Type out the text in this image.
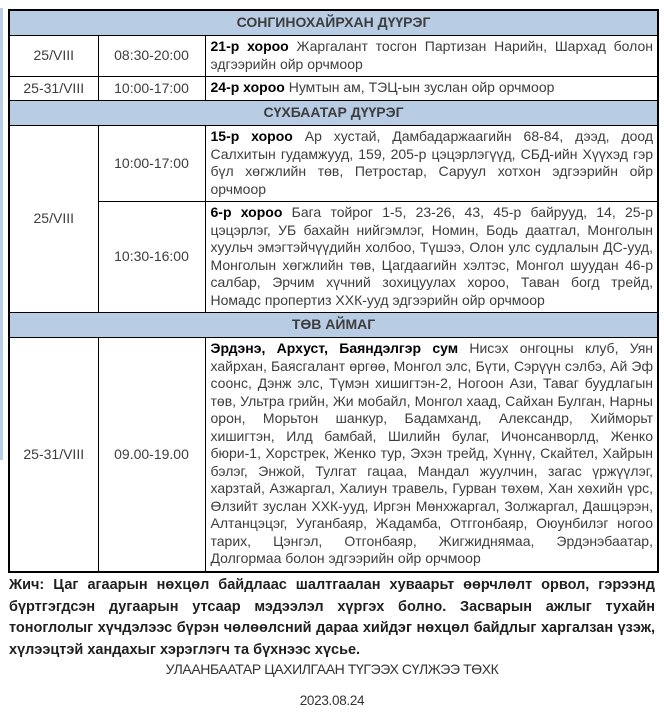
СОНГИНОХАЙРХАН ДҮҮРЭГ		
25/VIII	08:30-20:00	21-р хороо Жаргалант тосгон Партизан Нарийн, Шархад болон эдгээрийн ойр орчмоор
25-31/VIII	10:00-17:00	24-р хороо Нумтын ам, ТЭЦ-ын зуслан ойр орчмоор
СҮХБААТАР ДҮҮРЭГ		
25/VIII	10:00-17:00	15-р хороо Ар хустай, Дамбадаржаагийн 68-84, дээд, доод Салхитын гудамжууд, 159, 205-р цэцэрлэгүүд, СБД-ийн Хүүхэд гэр бүл хөгжлийн төв, Петростар, Саруул хотхон эдгээрийн ойр орчмоор
	10:30-16:00	6-р хороо Бага тойрог 1-5, 23-26, 43, 45-р байрууд, 14, 25-р цэцэрлэг, УБ бахайн нийгэмлэг, Номин, Бодь даатгал, Монголын хуульч эмэгтэйчүүдийн холбоо, Түшээ, Олон улс судлалын ДС-ууд, Монголын хөгжлийн төв, Цагдаагийн хэлтэс, Монгол шуудан 46-р салбар, Эрчим хүчний зохицуулах хороо, Таван богд трейд, Номадс пропертиз ХХК-ууд эдгээрийн ойр орчмоор
ТӨВ АЙМАГ		
25-31/VIII	09.00-19.00	Эрдэнэ, Архуст, Баяндэлгэр сум Нисэх онгоцны клуб, Уян хайрхан, Баясгалант өргөө, Монгол элс, Бүти, Сэрүүн сэлбэ, Ай Эф соонс, Дэнж элс, Түмэн хишигтэн-2, Ногоон Ази, Таваг буудлагын төв, Ультра грийн, Жи мобайл, Монгол хаад, Сайхан Булган, Нарны орон, Морьтон шанкур, Бадамханд, Александр, Хийморьт хишигтэн, Илд бамбай, Шилийн булаг, Ичонсанворлд, Женко бюри-1, Хорстрек, Женко тур, Эхэн трейд, Хүннү, Скайтел, Хайрын бэлэг, Энжой, Тулгат гацаа, Мандал жуулчин, загас үржүүлэг, харзтай, Азжаргал, Халиун травель, Гурван төхөм, Хан хөхийн үрс, Өлзийт зуслан ХХК-ууд, Иргэн Мөнхжаргал, Золжаргал, Дашцэрэн, Алтанцэцэг, Ууганбаяр, Жадамба, Отггонбаяр, Оюунбилэг ногоо тарих, Цэнгэл, Отгонбаяр, Жигжиднямаа, Эрдэнэбаатар, Долгормаа болон эдгээрийн ойр орчмоор
Жич: Цаг агаарын нөхцөл байдлаас шалтгаалан хуваарьт өөрчлөлт орвол, гэрээнд бүртгэгдсэн дугаарын утсаар мэдээлэл хүргэх болно. Засварын ажлыг тухайн тоноглолыг хүчдэлээс бүрэн чөлөөлсний дараа хийдэг нөхцөл байдлыг харгалзан үзэж, хүлээцтэй хандахыг хэрэглэгч та бүхнээс хүсье.
УЛААНБААТАР ЦАХИЛГААН ТҮГЭЭХ СҮЛЖЭЭ ТӨХК
2023.08.24
